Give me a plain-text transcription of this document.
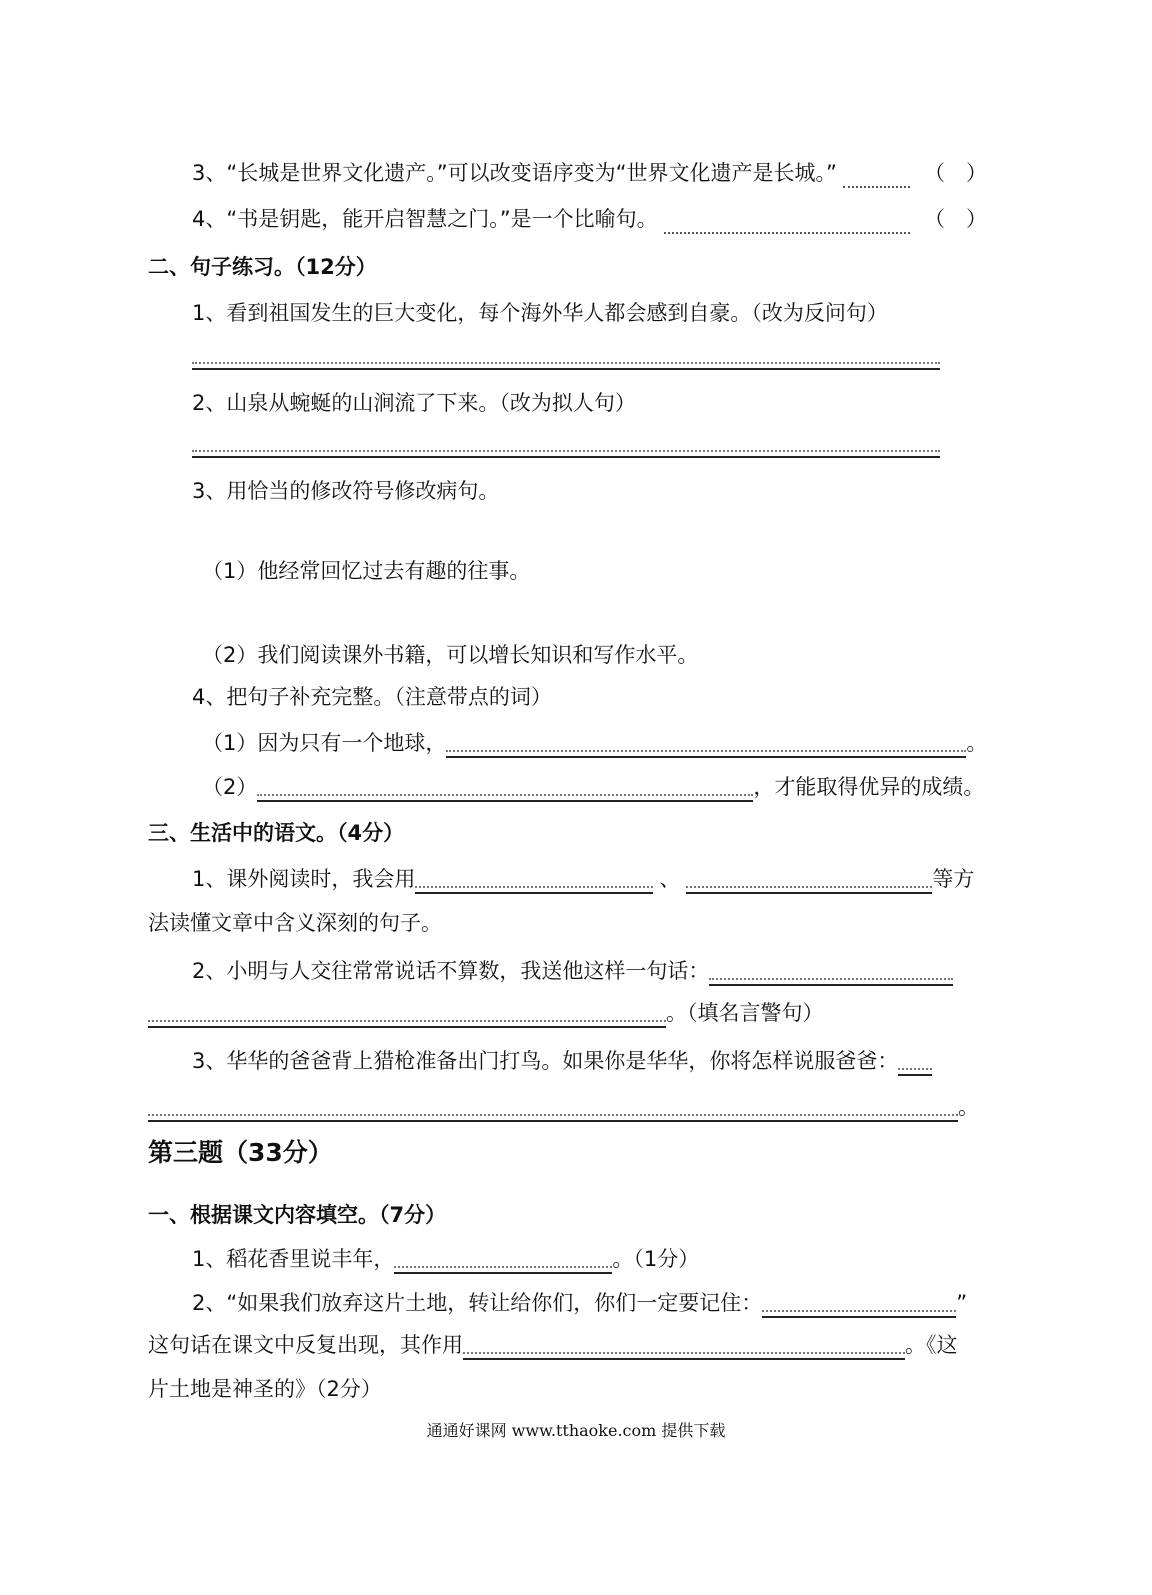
3、“长城是世界文化遗产。”可以改变语序变为“世界文化遗产是长城。”	（　）
4、“书是钥匙，能开启智慧之门。”是一个比喻句。	（　）
二、句子练习。（12分）
1、看到祖国发生的巨大变化，每个海外华人都会感到自豪。（改为反问句）
2、山泉从蜿蜒的山涧流了下来。（改为拟人句）
3、用恰当的修改符号修改病句。
（1）他经常回忆过去有趣的往事。
（2）我们阅读课外书籍，可以增长知识和写作水平。
4、把句子补充完整。（注意带点的词）
（1）因为只有一个地球，	。
（2）	，才能取得优异的成绩。
三、生活中的语文。（4分）
1、课外阅读时，我会用	、	等方
法读懂文章中含义深刻的句子。
2、小明与人交往常常说话不算数，我送他这样一句话：
。（填名言警句）
3、华华的爸爸背上猎枪准备出门打鸟。如果你是华华，你将怎样说服爸爸：
。
第三题（33分）
一、根据课文内容填空。（7分）
1、稻花香里说丰年，	。（1分）
2、“如果我们放弃这片土地，转让给你们，你们一定要记住：	”
这句话在课文中反复出现，其作用	。《这
片土地是神圣的》（2分）
通通好课网 www.tthaoke.com 提供下载
